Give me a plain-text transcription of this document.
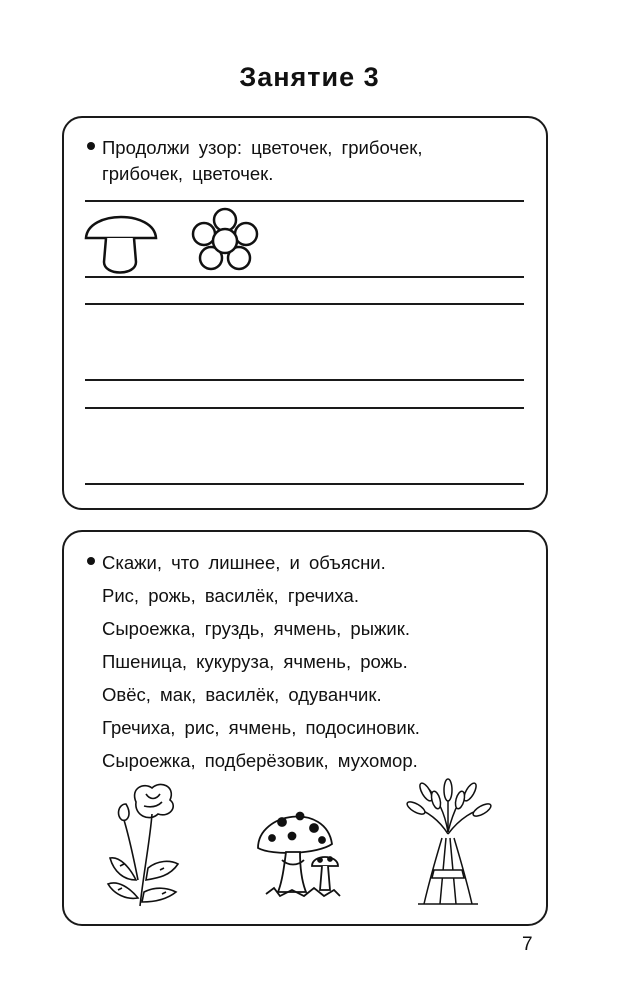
Занятие 3
Продолжи узор: цветочек, грибочек,
грибочек, цветочек.
Скажи, что лишнее, и объясни.
Рис, рожь, василёк, гречиха.
Сыроежка, груздь, ячмень, рыжик.
Пшеница, кукуруза, ячмень, рожь.
Овёс, мак, василёк, одуванчик.
Гречиха, рис, ячмень, подосиновик.
Сыроежка, подберёзовик, мухомор.
7
